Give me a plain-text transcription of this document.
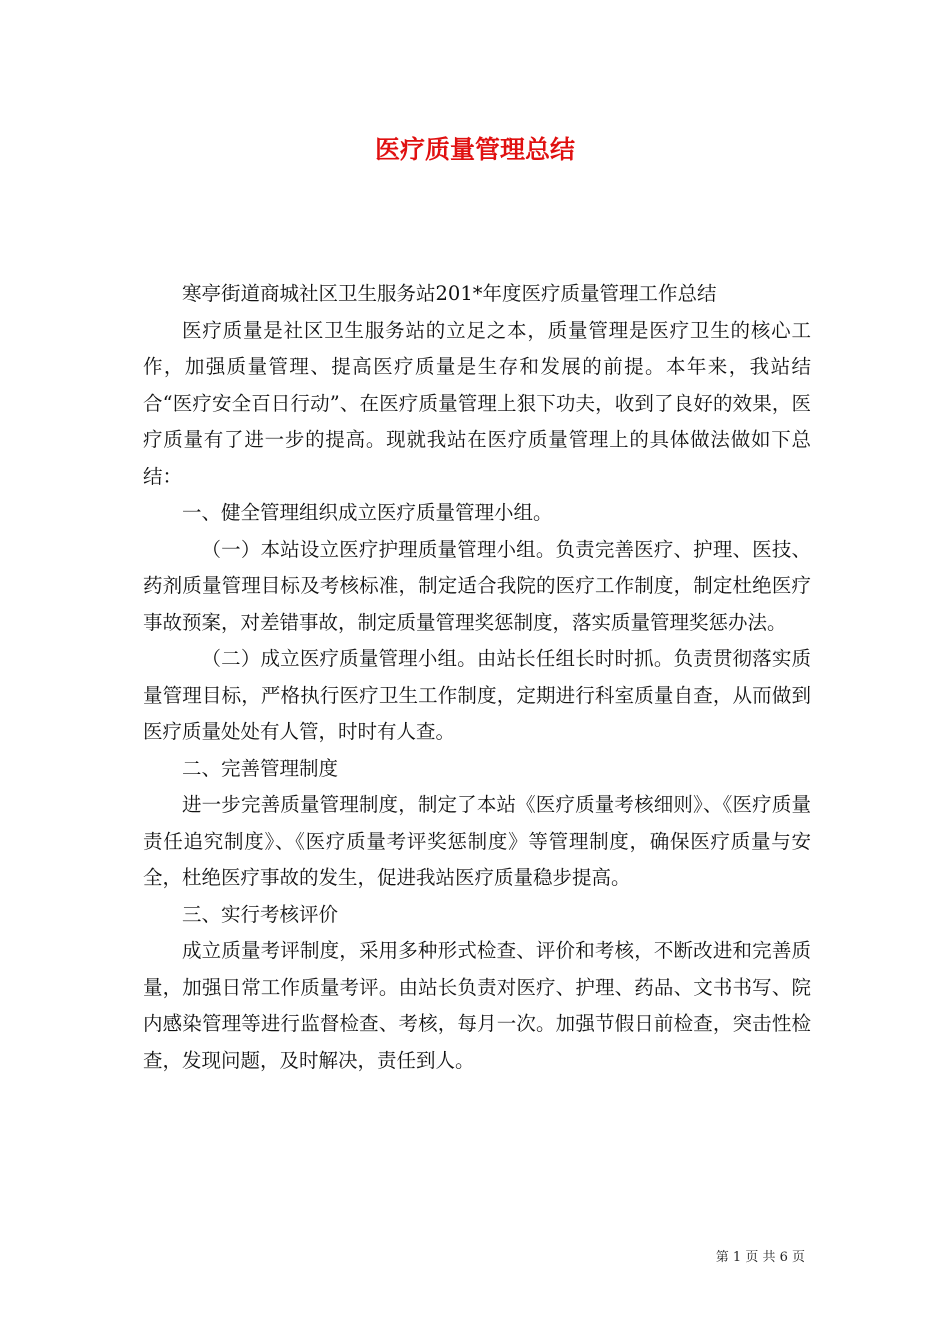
医疗质量管理总结

寒亭街道商城社区卫生服务站201*年度医疗质量管理工作总结

医疗质量是社区卫生服务站的立足之本，质量管理是医疗卫生的核心工作，加强质量管理、提高医疗质量是生存和发展的前提。本年来，我站结合“医疗安全百日行动”、在医疗质量管理上狠下功夫，收到了良好的效果，医疗质量有了进一步的提高。现就我站在医疗质量管理上的具体做法做如下总结：

一、健全管理组织成立医疗质量管理小组。

（一）本站设立医疗护理质量管理小组。负责完善医疗、护理、医技、药剂质量管理目标及考核标准，制定适合我院的医疗工作制度，制定杜绝医疗事故预案，对差错事故，制定质量管理奖惩制度，落实质量管理奖惩办法。

（二）成立医疗质量管理小组。由站长任组长时时抓。负责贯彻落实质量管理目标，严格执行医疗卫生工作制度，定期进行科室质量自查，从而做到医疗质量处处有人管，时时有人查。

二、完善管理制度

进一步完善质量管理制度，制定了本站《医疗质量考核细则》、《医疗质量责任追究制度》、《医疗质量考评奖惩制度》等管理制度，确保医疗质量与安全，杜绝医疗事故的发生，促进我站医疗质量稳步提高。

三、实行考核评价

成立质量考评制度，采用多种形式检查、评价和考核，不断改进和完善质量，加强日常工作质量考评。由站长负责对医疗、护理、药品、文书书写、院内感染管理等进行监督检查、考核，每月一次。加强节假日前检查，突击性检查，发现问题，及时解决，责任到人。

第 1 页 共 6 页
